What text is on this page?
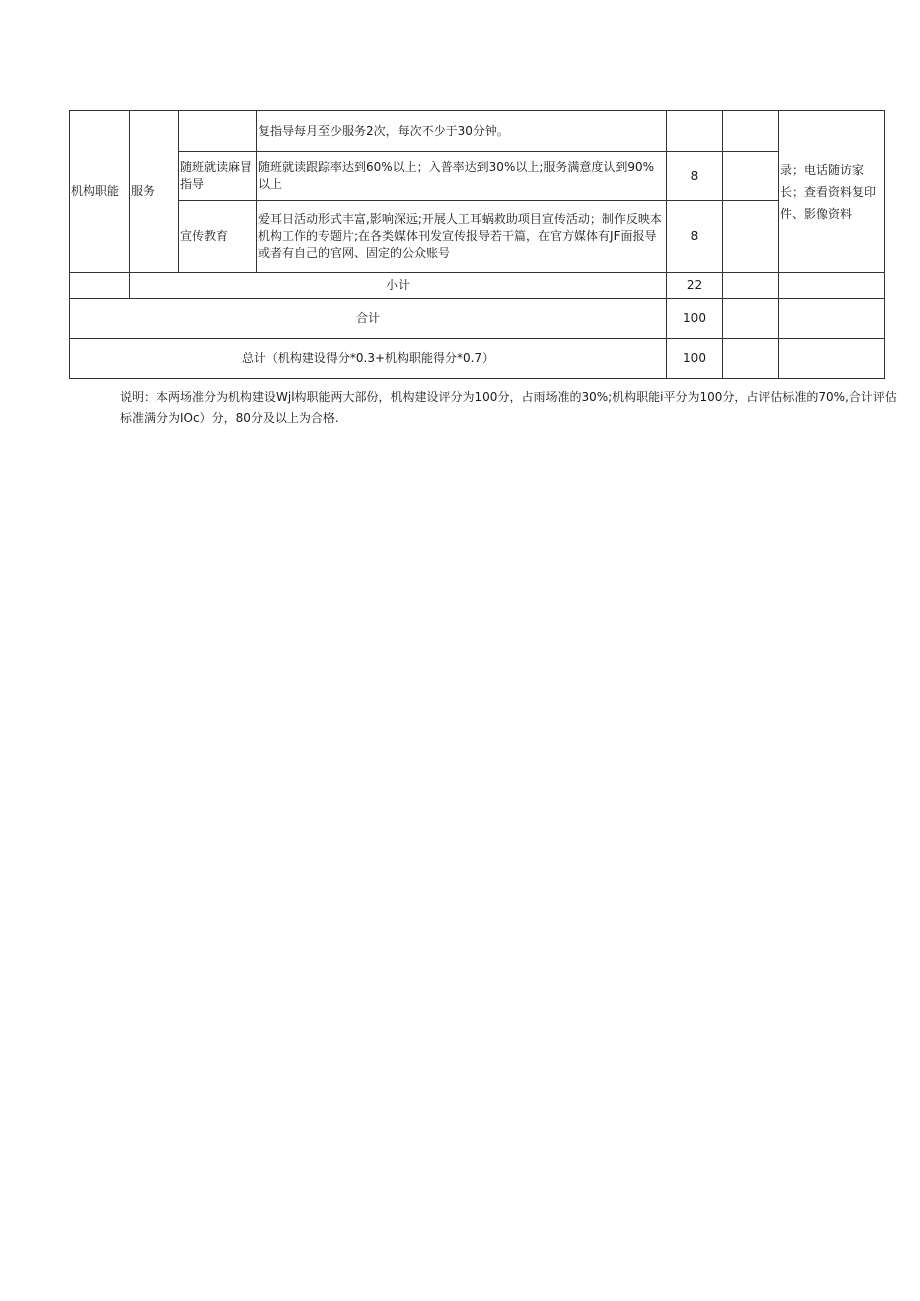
机构职能	服务		复指导每月至少服务2次，每次不少于30分钟。			录；电话随访家长；查看资料复印件、影像资料
		随班就读麻冒指导	随班就读跟踪率达到60%以上；入普率达到30%以上;服务满意度认到90%以上	8		
		宣传教育	爱耳日活动形式丰富,影响深远;开展人工耳蜗救助项目宣传活动；制作反映本机构工作的专题片;在各类媒体刊发宣传报导若干篇，在官方媒体有JF面报导或者有自己的官网、固定的公众账号	8		
	小计			22		
合计				100		
总计（机构建设得分*0.3+机构职能得分*0.7）				100		
说明：本两场准分为机构建设Wjl构职能两大部份，机构建设评分为100分，占雨场准的30%;机构职能i平分为100分，占评估标准的70%,合计评估标准满分为IOc）分，80分及以上为合格.
